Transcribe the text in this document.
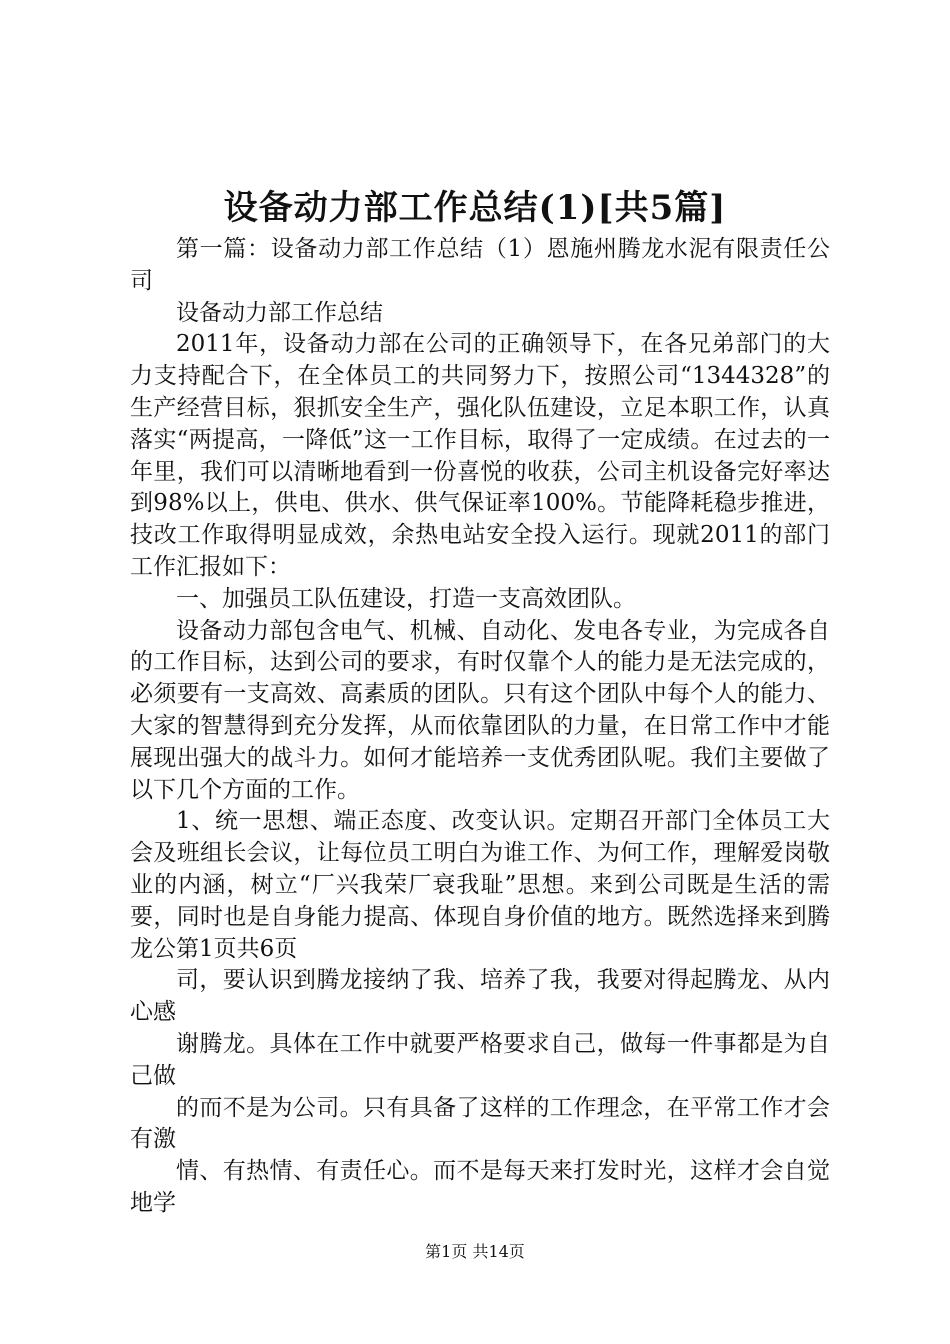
设备动力部工作总结(1)[共5篇]

第一篇：设备动力部工作总结（1）恩施州腾龙水泥有限责任公司

设备动力部工作总结

2011年，设备动力部在公司的正确领导下，在各兄弟部门的大力支持配合下，在全体员工的共同努力下，按照公司“1344328”的生产经营目标，狠抓安全生产，强化队伍建设，立足本职工作，认真落实“两提高，一降低”这一工作目标，取得了一定成绩。在过去的一年里，我们可以清晰地看到一份喜悦的收获，公司主机设备完好率达到98%以上，供电、供水、供气保证率100%。节能降耗稳步推进，技改工作取得明显成效，余热电站安全投入运行。现就2011的部门工作汇报如下：

一、加强员工队伍建设，打造一支高效团队。

设备动力部包含电气、机械、自动化、发电各专业，为完成各自的工作目标，达到公司的要求，有时仅靠个人的能力是无法完成的，必须要有一支高效、高素质的团队。只有这个团队中每个人的能力、大家的智慧得到充分发挥，从而依靠团队的力量，在日常工作中才能展现出强大的战斗力。如何才能培养一支优秀团队呢。我们主要做了以下几个方面的工作。

1、统一思想、端正态度、改变认识。定期召开部门全体员工大会及班组长会议，让每位员工明白为谁工作、为何工作，理解爱岗敬业的内涵，树立“厂兴我荣厂衰我耻”思想。来到公司既是生活的需要，同时也是自身能力提高、体现自身价值的地方。既然选择来到腾龙公第1页共6页

司，要认识到腾龙接纳了我、培养了我，我要对得起腾龙、从内心感

谢腾龙。具体在工作中就要严格要求自己，做每一件事都是为自己做

的而不是为公司。只有具备了这样的工作理念，在平常工作才会有激

情、有热情、有责任心。而不是每天来打发时光，这样才会自觉地学

第1页 共14页
